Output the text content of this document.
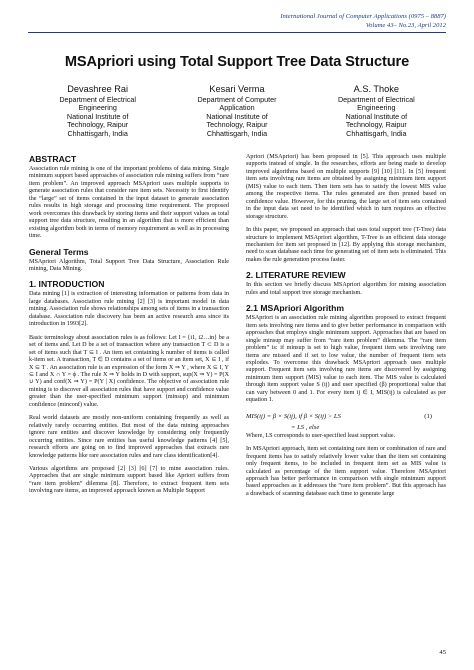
International Journal of Computer Applications (0975 – 8887)
Volume 43– No.23, April 2012
MSApriori using Total Support Tree Data Structure
Devashree Rai
Department of Electrical
Engineering
National Institute of
Technology, Raipur
Chhattisgarh, India
Kesari Verma
Department of Computer
Application
National Institute of
Technology, Raipur
Chhattisgarh, India
A.S. Thoke
Department of Electrical
Engineering
National Institute of
Technology, Raipur
Chhattisgarh, India
ABSTRACT

Association rule mining is one of the important problems of data mining. Single minimum support based approaches of association rule mining suffers from “rare item problem”. An improved approach MSApriori uses multiple supports to generate association rules that consider rare item sets. Necessity to first identify the “large” set of items contained in the input dataset to generate association rules results in high storage and processing time requirement. The proposed work overcomes this drawback by storing items and their support values as total support tree data structure, resulting in an algorithm that is more efficient than existing algorithm both in terms of memory requirement as well as in processing time.

General Terms

MSApriori Algorithm, Total Support Tree Data Structure, Association Rule mining, Data Mining.

1. INTRODUCTION

Data mining [1] is extraction of interesting information or patterns from data in large databases. Association rule mining [2] [3] is important model in data mining. Association rule shows relationships among sets of items in a transaction database. Association rule discovery has been an active research area since its introduction in 1993[2].

Basic terminology about association rules is as follows: Let I = {i1, i2…in} be a set of items and. Let D be a set of transaction where any transaction T ⊂ D is a set of items such that T ⊆ I . An item set containing k number of items is called k-item set. A transaction, T ∈ D contains a set of items or an item set, X ⊆ I , if X ⊆ T . An association rule is an expression of the form X ⇒ Y , where X ⊆ I, Y ⊆ I and X ∩ Y = ϕ . The rule X ⇒ Y holds in D with support, sup(X ⇒ Y) = P(X ∪ Y) and conf(X ⇒ Y) = P(Y | X) confidence. The objective of association rule mining is to discover all association rules that have support and confidence value greater than the user-specified minimum support (minsup) and minimum confidence (minconf) value.

Real world datasets are mostly non-uniform containing frequently as well as relatively rarely occurring entities. But most of the data mining approaches ignore rare entities and discover knowledge by considering only frequently occurring entities. Since rare entities has useful knowledge patterns [4] [5], research efforts are going on to find improved approaches that extracts rare knowledge patterns like rare association rules and rare class identification[4].

Various algorithms are proposed [2] [3] [6] [7] to mine association rules. Approaches that are single minimum support based like Apriori suffers from “rare item problem” dilemma [8]. Therefore, to extract frequent item sets involving rare items, an improved approach known as Multiple Support

Apriori (MSApriori) has been proposed in [5]. This approach uses multiple supports instead of single. In the researches, efforts are being made to develop improved algorithms based on multiple supports [9] [10] [11]. In [5] frequent item sets involving rare items are obtained by assigning minimum item support (MIS) value to each item. Then item sets has to satisfy the lowest MIS value among the respective items. The rules generated are then pruned based on confidence value. However, for this pruning, the large set of item sets contained in the input data set need to be identified which in turn requires an effective storage structure.

In this paper, we proposed an approach that uses total support tree (T-Tree) data structure to implement MSApriori algorithm, T-Tree is an efficient data storage mechanism for item set proposed in [12]. By applying this storage mechanism, need to scan database each time for generating set of item sets is eliminated. This makes the rule generation process faster.

2. LITERATURE REVIEW

In this section we briefly discuss MSApriori algorithm for mining association rules and total support tree storage mechanism.

2.1 MSApriori Algorithm

MSApriori is an association rule mining algorithm proposed to extract frequent item sets involving rare items and to give better performance in comparison with approaches that employs single minimum support. Approaches that are based on single minsup may suffer from “rare item problem” dilemma. The “rare item problem” is: if minsup is set to high value, frequent item sets involving rare items are missed and if set to low value, the number of frequent item sets explodes. To overcome this drawback MSApriori approach uses multiple support. Frequent item sets involving rare items are discovered by assigning minimum item support (MIS) value to each item. The MIS value is calculated through item support value S (ij) and user specified (β) proportional value that can vary between 0 and 1. For every item ij ∈ I, MIS(ij) is calculated as per equation 1.

MIS(ij) = β × S(ij), if β × S(ij) > LS
= LS , else
(1)

Where, LS corresponds to user-specified least support value.

In MSApriori approach, item set containing rare item or combination of rare and frequent items has to satisfy relatively lower value than the item set containing only frequent items, to be included in frequent item set as MIS value is calculated as percentage of the item support value. Therefore MSApriori approach has better performance in comparison with single minimum support based approaches as it addresses the “rare item problem”. But this approach has a drawback of scanning database each time to generate large

45
